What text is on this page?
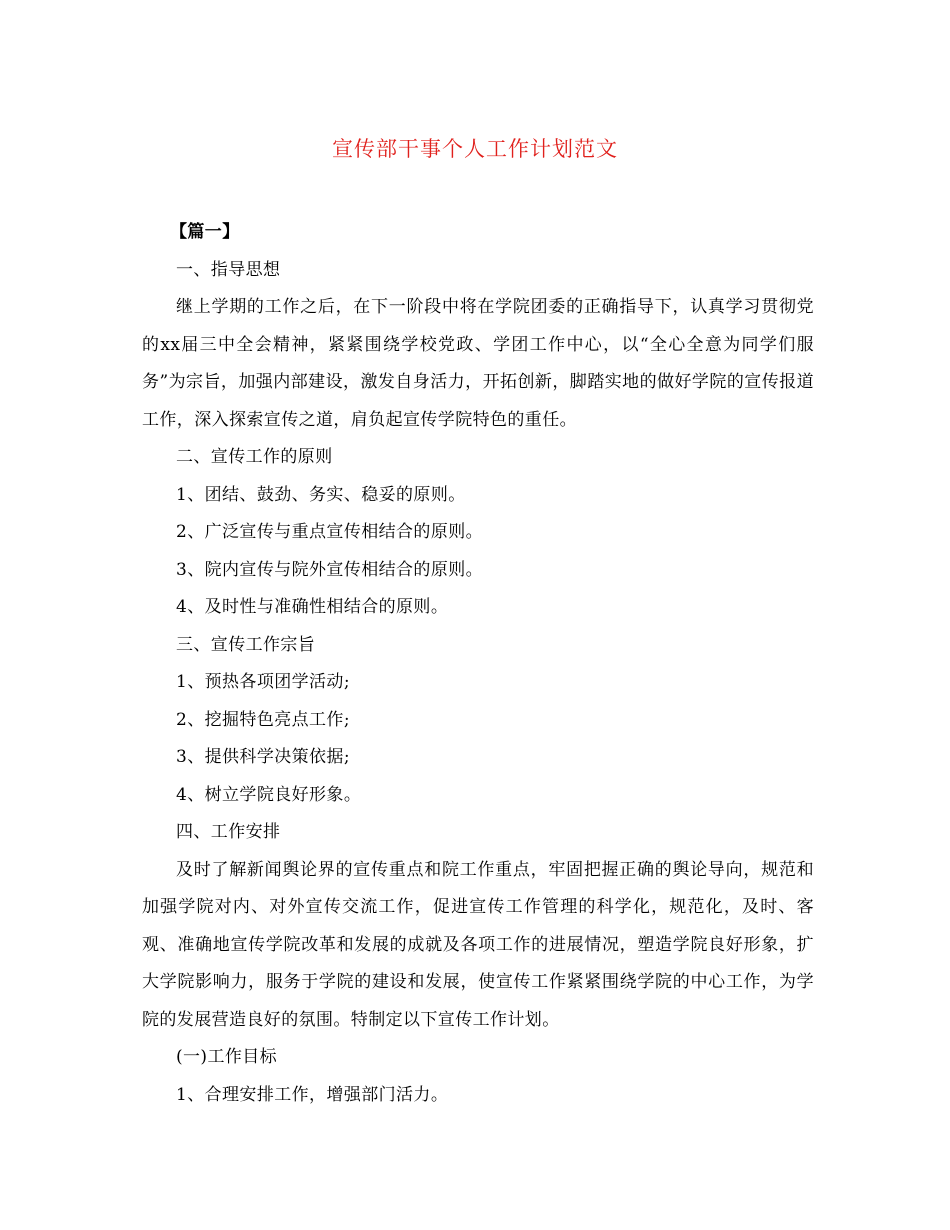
宣传部干事个人工作计划范文

【篇一】

一、指导思想

继上学期的工作之后，在下一阶段中将在学院团委的正确指导下，认真学习贯彻党的xx届三中全会精神，紧紧围绕学校党政、学团工作中心，以“全心全意为同学们服务”为宗旨，加强内部建设，激发自身活力，开拓创新，脚踏实地的做好学院的宣传报道工作，深入探索宣传之道，肩负起宣传学院特色的重任。

二、宣传工作的原则

1、团结、鼓劲、务实、稳妥的原则。

2、广泛宣传与重点宣传相结合的原则。

3、院内宣传与院外宣传相结合的原则。

4、及时性与准确性相结合的原则。

三、宣传工作宗旨

1、预热各项团学活动;

2、挖掘特色亮点工作;

3、提供科学决策依据;

4、树立学院良好形象。

四、工作安排

及时了解新闻舆论界的宣传重点和院工作重点，牢固把握正确的舆论导向，规范和加强学院对内、对外宣传交流工作，促进宣传工作管理的科学化，规范化，及时、客观、准确地宣传学院改革和发展的成就及各项工作的进展情况，塑造学院良好形象，扩大学院影响力，服务于学院的建设和发展，使宣传工作紧紧围绕学院的中心工作，为学院的发展营造良好的氛围。特制定以下宣传工作计划。

(一)工作目标

1、合理安排工作，增强部门活力。
